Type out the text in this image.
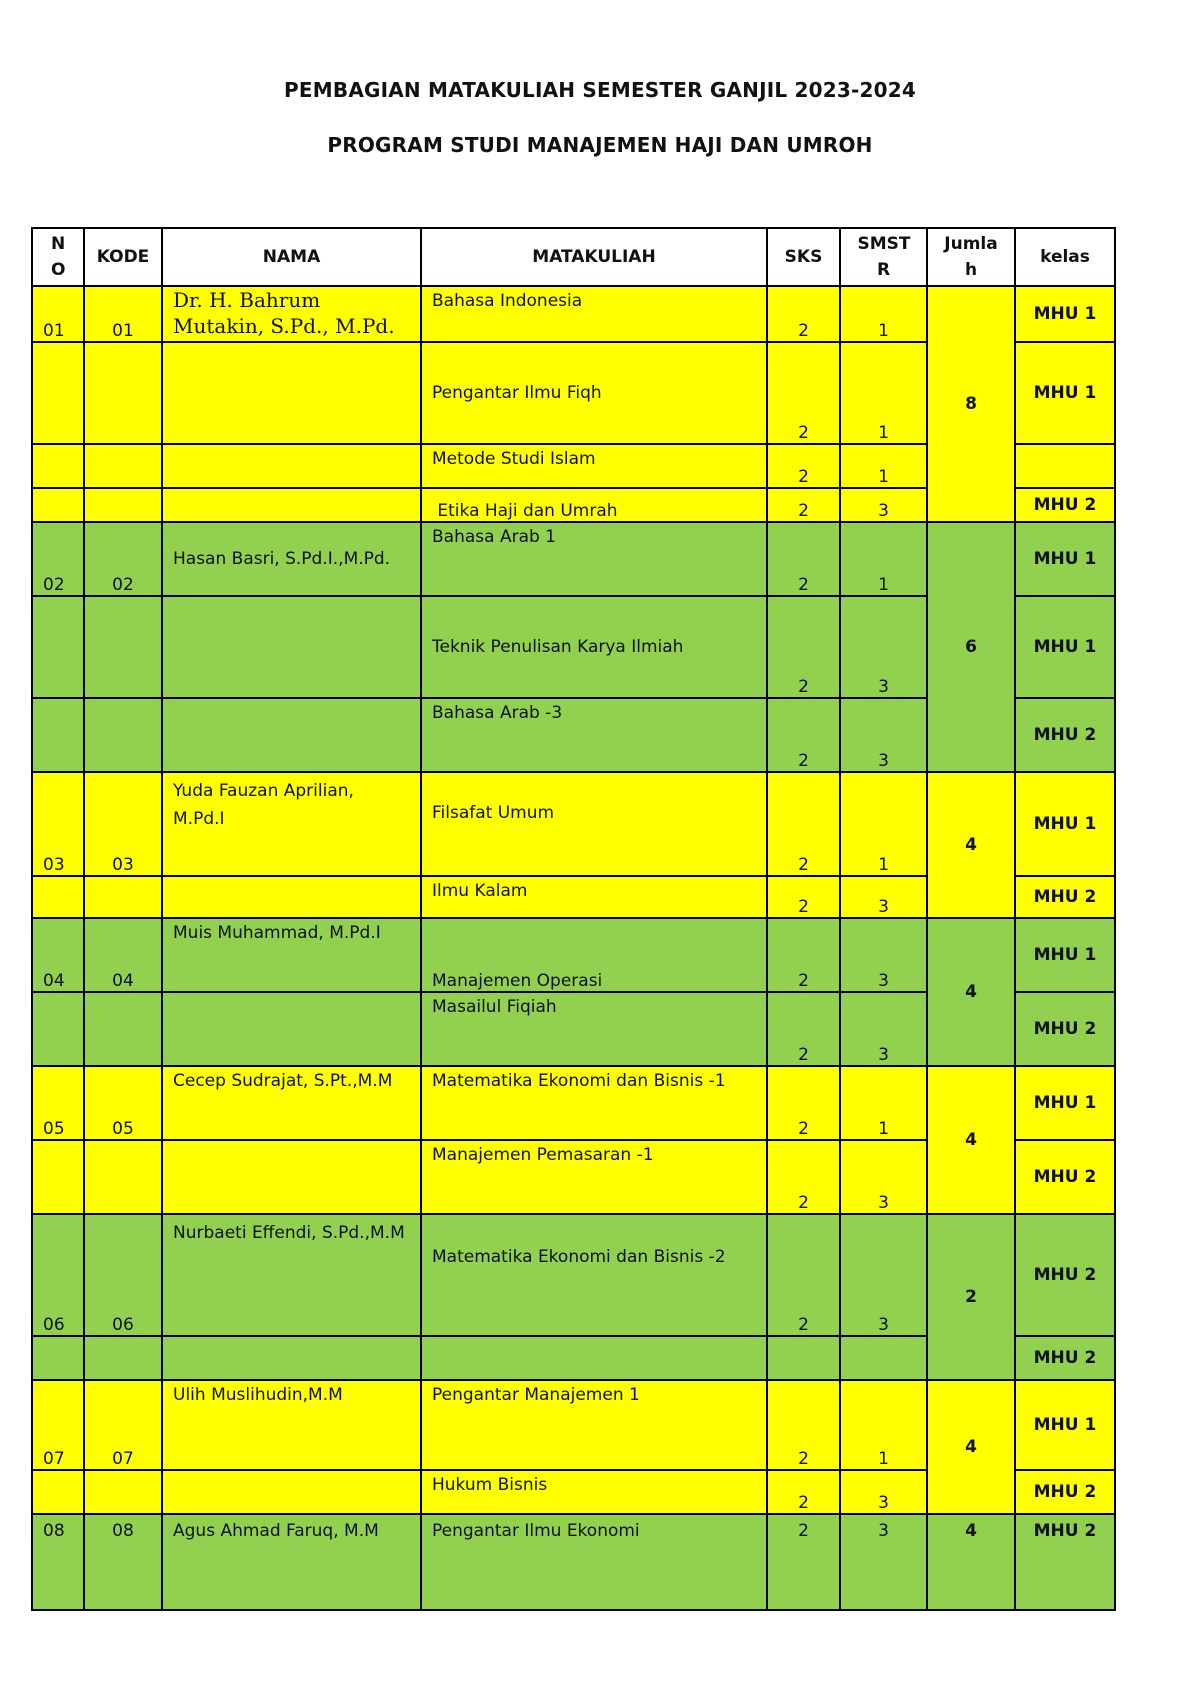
PEMBAGIAN MATAKULIAH SEMESTER GANJIL 2023-2024
PROGRAM STUDI MANAJEMEN HAJI DAN UMROH
N O	KODE	NAMA	MATAKULIAH	SKS	SMST R	Jumla h	kelas
01	01	Dr. H. Bahrum Mutakin, S.Pd., M.Pd.	Bahasa Indonesia	2	1	8	MHU 1
			Pengantar Ilmu Fiqh	2	1		MHU 1
			Metode Studi Islam	2	1		
			Etika Haji dan Umrah	2	3		MHU 2
02	02	Hasan Basri, S.Pd.I.,M.Pd.	Bahasa Arab 1	2	1	6	MHU 1
			Teknik Penulisan Karya Ilmiah	2	3		MHU 1
			Bahasa Arab -3	2	3		MHU 2
03	03	Yuda Fauzan Aprilian, M.Pd.I	Filsafat Umum	2	1	4	MHU 1
			Ilmu Kalam	2	3		MHU 2
04	04	Muis Muhammad, M.Pd.I	Manajemen Operasi	2	3	4	MHU 1
			Masailul Fiqiah	2	3		MHU 2
05	05	Cecep Sudrajat, S.Pt.,M.M	Matematika Ekonomi dan Bisnis -1	2	1	4	MHU 1
			Manajemen Pemasaran -1	2	3		MHU 2
06	06	Nurbaeti Effendi, S.Pd.,M.M	Matematika Ekonomi dan Bisnis -2	2	3	2	MHU 2
							MHU 2
07	07	Ulih Muslihudin,M.M	Pengantar Manajemen 1	2	1	4	MHU 1
			Hukum Bisnis	2	3		MHU 2
08	08	Agus Ahmad Faruq, M.M	Pengantar Ilmu Ekonomi	2	3	4	MHU 2
